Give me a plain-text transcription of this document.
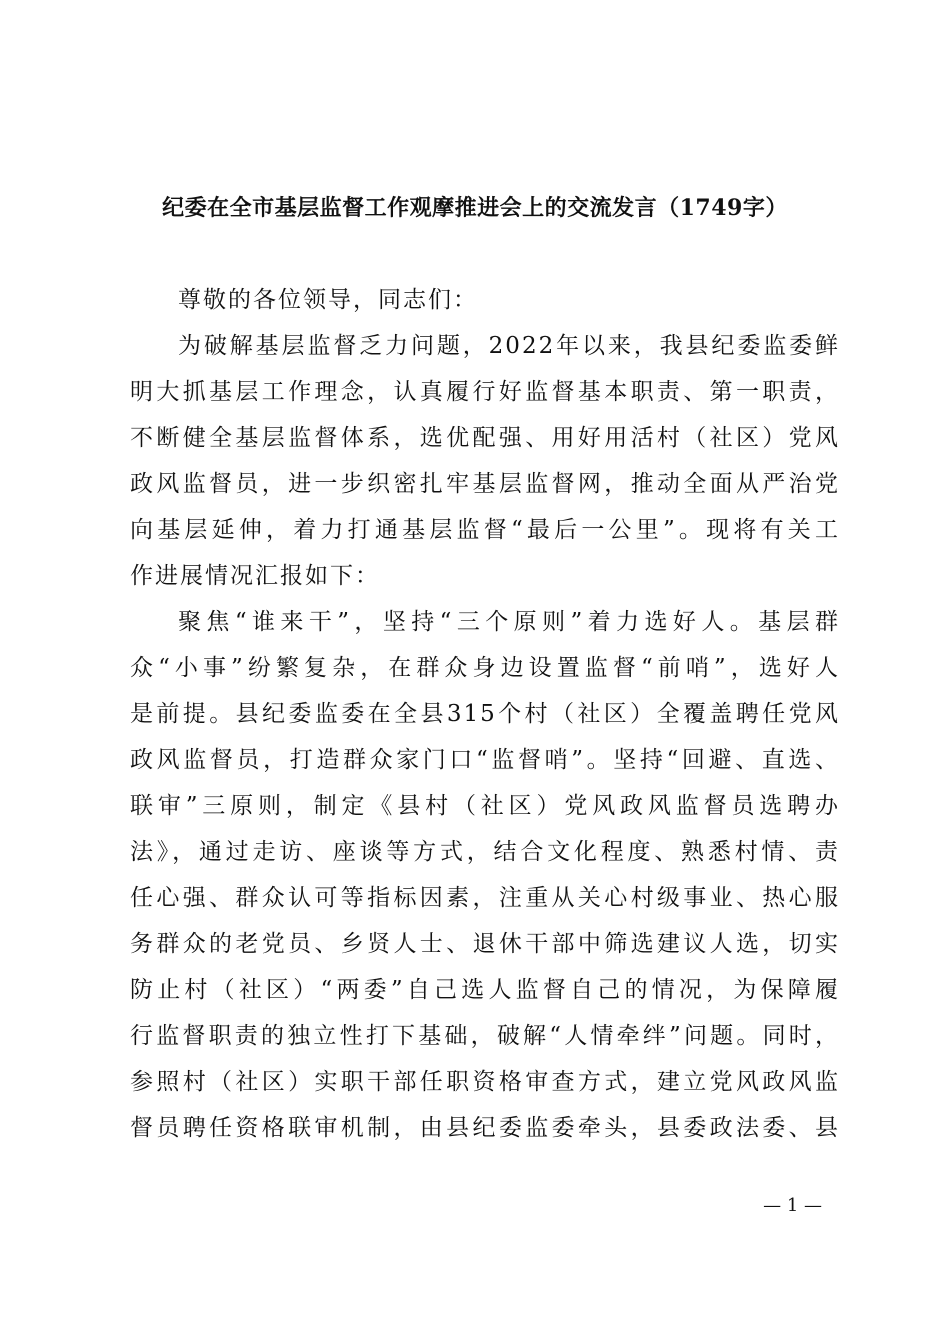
纪委在全市基层监督工作观摩推进会上的交流发言（1749字）
尊敬的各位领导，同志们：
为破解基层监督乏力问题，2022年以来，我县纪委监委鲜
明大抓基层工作理念，认真履行好监督基本职责、第一职责，
不断健全基层监督体系，选优配强、用好用活村（社区）党风
政风监督员，进一步织密扎牢基层监督网，推动全面从严治党
向基层延伸，着力打通基层监督“最后一公里”。现将有关工
作进展情况汇报如下：
聚焦“谁来干”，坚持“三个原则”着力选好人。基层群
众“小事”纷繁复杂，在群众身边设置监督“前哨”，选好人
是前提。县纪委监委在全县315个村（社区）全覆盖聘任党风
政风监督员，打造群众家门口“监督哨”。坚持“回避、直选、
联审”三原则，制定《县村（社区）党风政风监督员选聘办
法》，通过走访、座谈等方式，结合文化程度、熟悉村情、责
任心强、群众认可等指标因素，注重从关心村级事业、热心服
务群众的老党员、乡贤人士、退休干部中筛选建议人选，切实
防止村（社区）“两委”自己选人监督自己的情况，为保障履
行监督职责的独立性打下基础，破解“人情牵绊”问题。同时，
参照村（社区）实职干部任职资格审查方式，建立党风政风监
督员聘任资格联审机制，由县纪委监委牵头，县委政法委、县
— 1 —
